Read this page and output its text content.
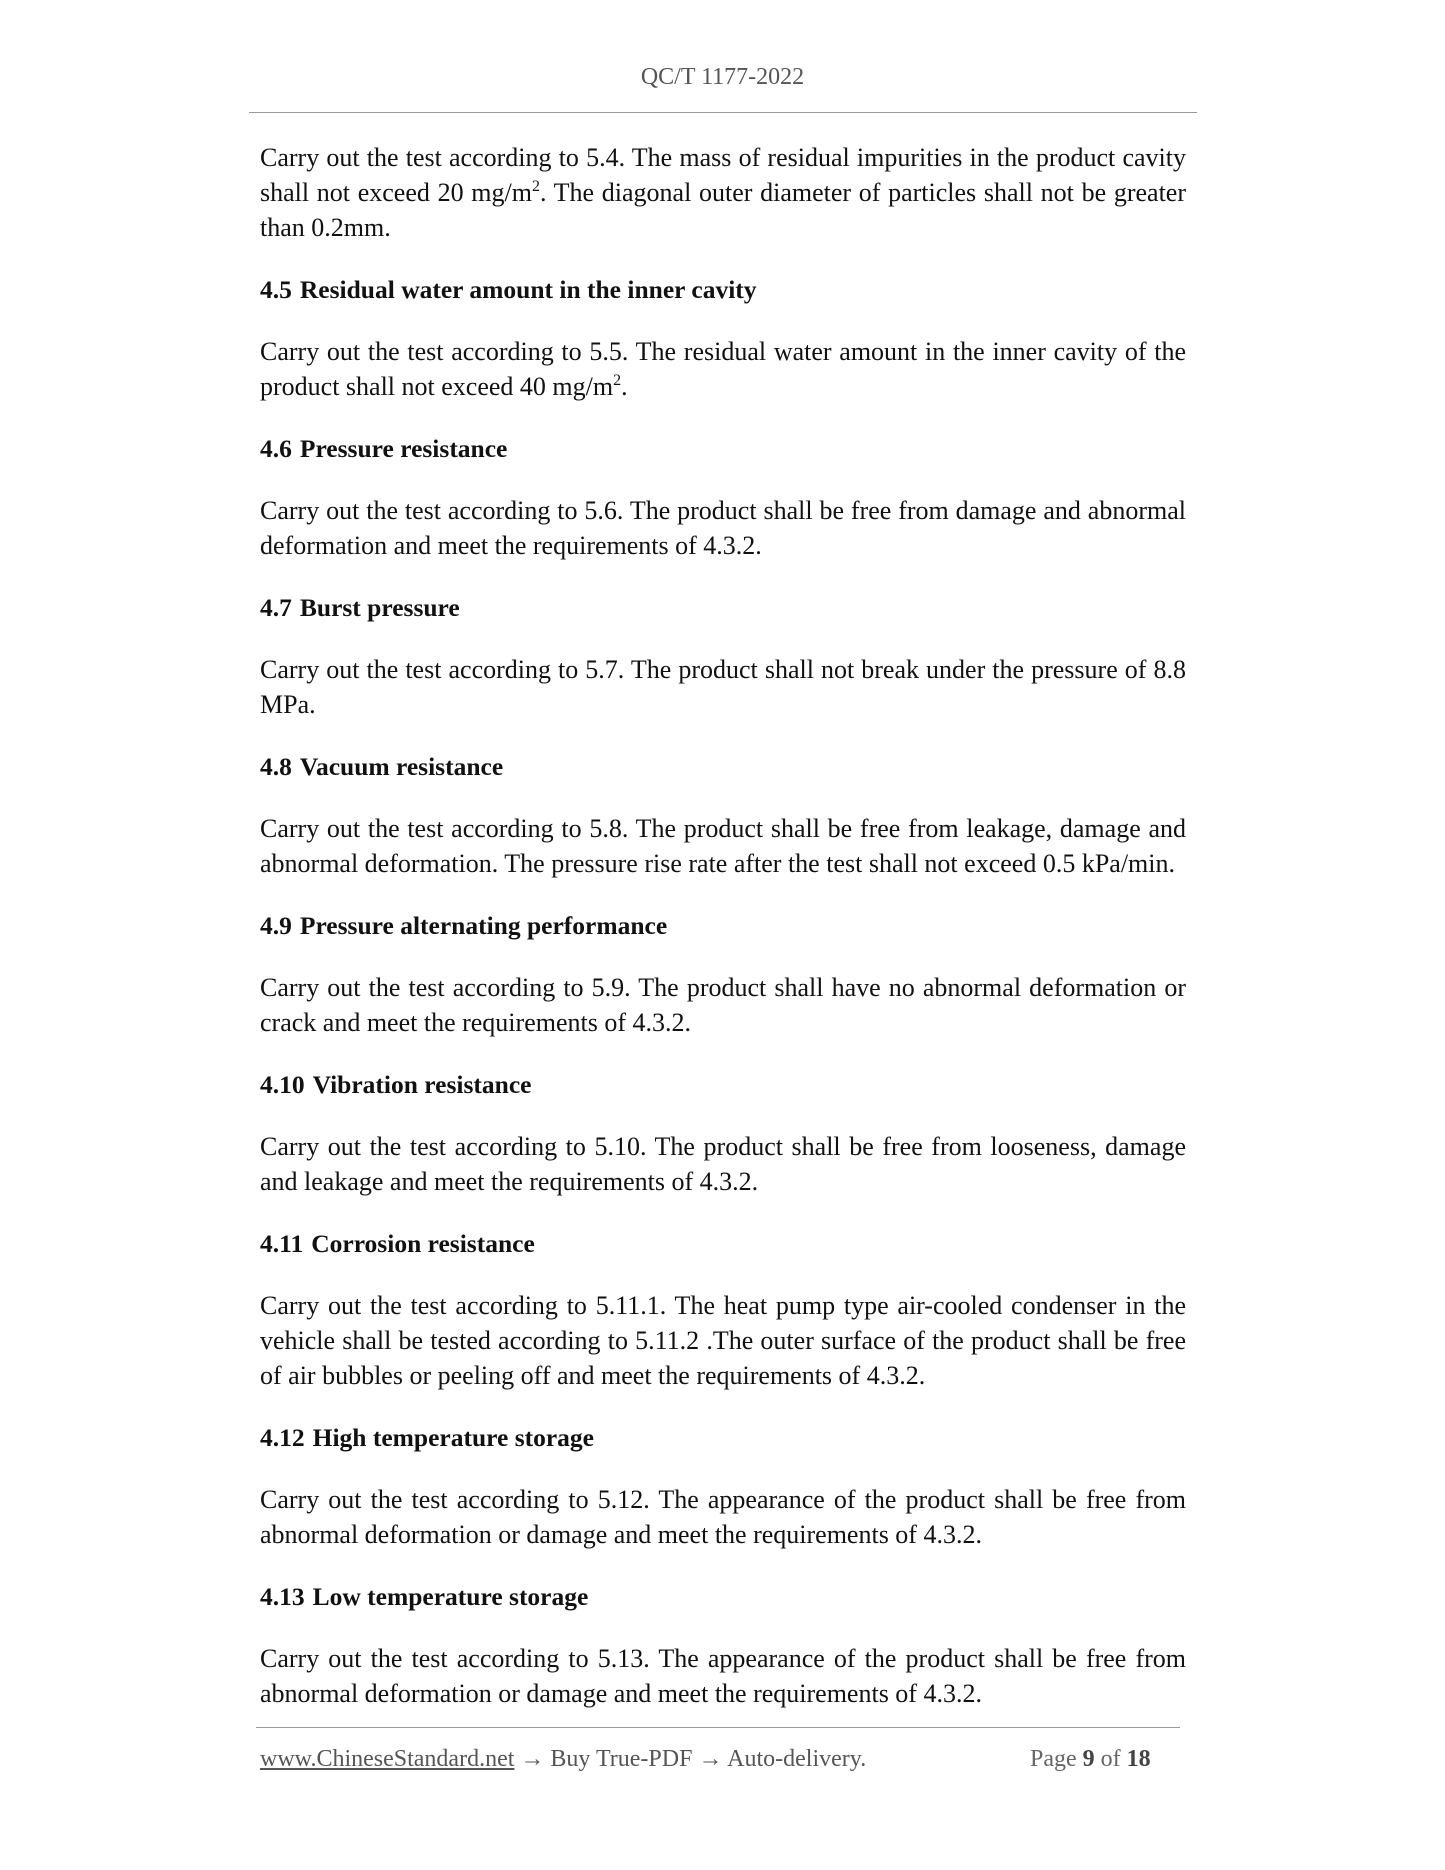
QC/T 1177-2022

Carry out the test according to 5.4. The mass of residual impurities in the product cavity shall not exceed 20 $mg/m^2$. The diagonal outer diameter of particles shall not be greater than 0.2mm.

4.5 Residual water amount in the inner cavity

Carry out the test according to 5.5. The residual water amount in the inner cavity of the product shall not exceed 40 $mg/m^2$.

4.6 Pressure resistance

Carry out the test according to 5.6. The product shall be free from damage and abnormal deformation and meet the requirements of 4.3.2.

4.7 Burst pressure

Carry out the test according to 5.7. The product shall not break under the pressure of 8.8 MPa.

4.8 Vacuum resistance

Carry out the test according to 5.8. The product shall be free from leakage, damage and abnormal deformation. The pressure rise rate after the test shall not exceed 0.5 kPa/min.

4.9 Pressure alternating performance

Carry out the test according to 5.9. The product shall have no abnormal deformation or crack and meet the requirements of 4.3.2.

4.10 Vibration resistance

Carry out the test according to 5.10. The product shall be free from looseness, damage and leakage and meet the requirements of 4.3.2.

4.11 Corrosion resistance

Carry out the test according to 5.11.1. The heat pump type air-cooled condenser in the vehicle shall be tested according to 5.11.2 .The outer surface of the product shall be free of air bubbles or peeling off and meet the requirements of 4.3.2.

4.12 High temperature storage

Carry out the test according to 5.12. The appearance of the product shall be free from abnormal deformation or damage and meet the requirements of 4.3.2.

4.13 Low temperature storage

Carry out the test according to 5.13. The appearance of the product shall be free from abnormal deformation or damage and meet the requirements of 4.3.2.

www.ChineseStandard.net → Buy True-PDF → Auto-delivery.	Page 9 of 18
